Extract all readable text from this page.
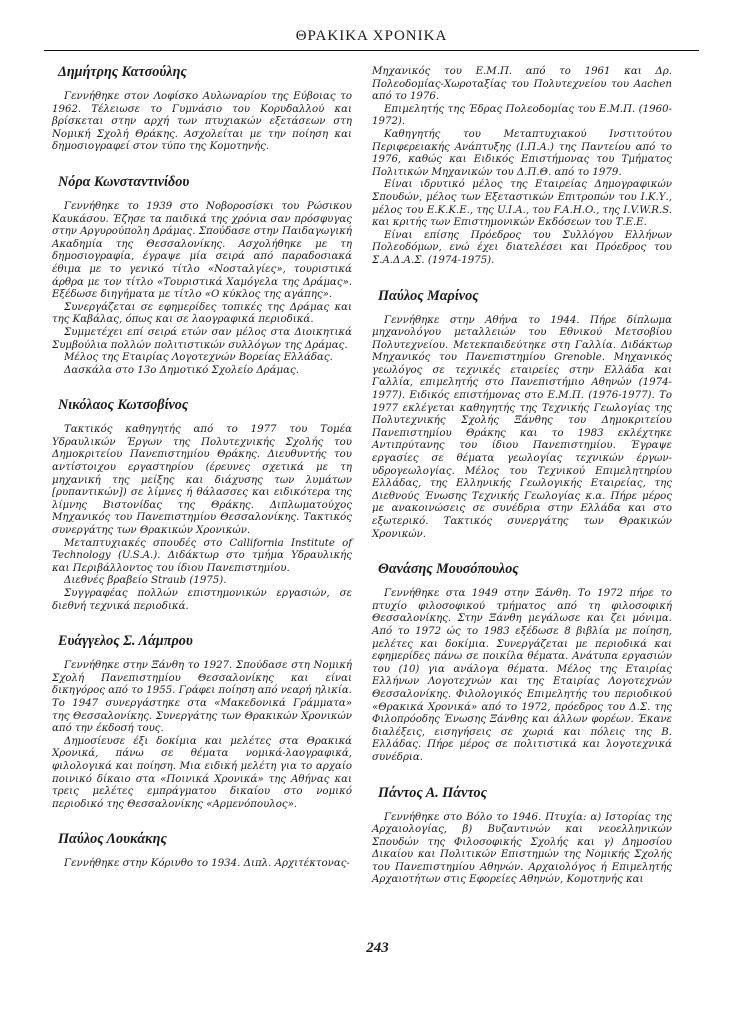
ΘΡΑΚΙΚΑ ΧΡΟΝΙΚΑ
Δημήτρης Κατσούλης

Γεννήθηκε στον Λοφίσκο Αυλωναρίου της Εύβοιας το 1962. Τέλειωσε το Γυμνάσιο του Κορυδαλλού και βρίσκεται στην αρχή των πτυχιακών εξετάσεων στη Νομική Σχολή Θράκης. Ασχολείται με την ποίηση και δημοσιογραφεί στον τύπο της Κομοτηνής.

Νόρα Κωνσταντινίδου

Γεννήθηκε το 1939 στο Νοβοροσίσκι του Ρώσικου Καυκάσου. Έζησε τα παιδικά της χρόνια σαν πρόσφυγας στην Αργυρούπολη Δράμας. Σπούδασε στην Παιδαγωγική Ακαδημία της Θεσσαλονίκης. Ασχολήθηκε με τη δημοσιογραφία, έγραψε μία σειρά από παραδοσιακά έθιμα με το γενικό τίτλο «Νοσταλγίες», τουριστικά άρθρα με τον τίτλο «Τουριστικά Χαμόγελα της Δράμας». Εξέδωσε διηγήματα με τίτλο «Ο κύκλος της αγάπης».

Συνεργάζεται σε εφημερίδες τοπικές της Δράμας και της Καβάλας, όπως και σε λαογραφικά περιοδικά.

Συμμετέχει επί σειρά ετών σαν μέλος στα Διοικητικά Συμβούλια πολλών πολιτιστικών συλλόγων της Δράμας.

Μέλος της Εταιρίας Λογοτεχνών Βορείας Ελλάδας.

Δασκάλα στο 13ο Δημοτικό Σχολείο Δράμας.

Νικόλαος Κωτσοβίνος

Τακτικός καθηγητής από το 1977 του Τομέα Υδραυλικών Έργων της Πολυτεχνικής Σχολής του Δημοκριτείου Πανεπιστημίου Θράκης. Διευθυντής του αντίστοιχου εργαστηρίου (έρευνες σχετικά με τη μηχανική της μείξης και διάχυσης των λυμάτων [ρυπαντικών]) σε λίμνες ή θάλασσες και ειδικότερα της λίμνης Βιστονίδας της Θράκης. Διπλωματούχος Μηχανικός του Πανεπιστημίου Θεσσαλονίκης. Τακτικός συνεργάτης των Θρακικών Χρονικών.

Μεταπτυχιακές σπουδές στο Callifornia Institute of Technology (U.S.A.). Διδάκτωρ στο τμήμα Υδραυλικής και Περιβάλλοντος του ίδιου Πανεπιστημίου.

Διεθνές βραβείο Straub (1975).

Συγγραφέας πολλών επιστημονικών εργασιών, σε διεθνή τεχνικά περιοδικά.

Ευάγγελος Σ. Λάμπρου

Γεννήθηκε στην Ξάνθη το 1927. Σπούδασε στη Νομική Σχολή Πανεπιστημίου Θεσσαλονίκης και είναι δικηγόρος από το 1955. Γράφει ποίηση από νεαρή ηλικία. Το 1947 συνεργάστηκε στα «Μακεδονικά Γράμματα» της Θεσσαλονίκης. Συνεργάτης των Θρακικών Χρονικών από την έκδοσή τους.

Δημοσίευσε έξι δοκίμια και μελέτες στα Θρακικά Χρονικά, πάνω σε θέματα νομικά-λαογραφικά, φιλολογικά και ποίηση. Μια ειδική μελέτη για το αρχαίο ποινικό δίκαιο στα «Ποινικά Χρονικά» της Αθήνας και τρεις μελέτες εμπράγματου δικαίου στο νομικό περιοδικό της Θεσσαλονίκης «Αρμενόπουλος».

Παύλος Λουκάκης

Γεννήθηκε στην Κόρινθο το 1934. Διπλ. Αρχιτέκτονας-

Μηχανικός του Ε.Μ.Π. από το 1961 και Δρ. Πολεοδομίας-Χωροταξίας του Πολυτεχνείου του Aachen από το 1976.

Επιμελητής της Έδρας Πολεοδομίας του Ε.Μ.Π. (1960-1972).

Καθηγητής του Μεταπτυχιακού Ινστιτούτου Περιφερειακής Ανάπτυξης (Ι.Π.Α.) της Παντείου από το 1976, καθώς και Ειδικός Επιστήμονας του Τμήματος Πολιτικών Μηχανικών του Δ.Π.Θ. από το 1979.

Είναι ιδρυτικό μέλος της Εταιρείας Δημογραφικών Σπουδών, μέλος των Εξεταστικών Επιτροπών του Ι.Κ.Υ., μέλος του Ε.Κ.Κ.Ε., της U.I.A., του F.A.H.O., της I.V.W.R.S. και κριτής των Επιστημονικών Εκδόσεων του Τ.Ε.Ε.

Είναι επίσης Πρόεδρος του Συλλόγου Ελλήνων Πολεοδόμων, ενώ έχει διατελέσει και Πρόεδρος του Σ.Α.Δ.Α.Σ. (1974-1975).

Παύλος Μαρίνος

Γεννήθηκε στην Αθήνα το 1944. Πήρε δίπλωμα μηχανολόγου μεταλλειών του Εθνικού Μετσοβίου Πολυτεχνείου. Μετεκπαιδεύτηκε στη Γαλλία. Διδάκτωρ Μηχανικός του Πανεπιστημίου Grenoble. Μηχανικός γεωλόγος σε τεχνικές εταιρείες στην Ελλάδα και Γαλλία, επιμελητής στο Πανεπιστήμιο Αθηνών (1974-1977). Ειδικός επιστήμονας στο Ε.Μ.Π. (1976-1977). Το 1977 εκλέγεται καθηγητής της Τεχνικής Γεωλογίας της Πολυτεχνικής Σχολής Ξάνθης του Δημοκριτείου Πανεπιστημίου Θράκης και το 1983 εκλέχτηκε Αντιπρύτανης του ίδιου Πανεπιστημίου. Έγραψε εργασίες σε θέματα γεωλογίας τεχνικών έργων-υδρογεωλογίας. Μέλος του Τεχνικού Επιμελητηρίου Ελλάδας, της Ελληνικής Γεωλογικής Εταιρείας, της Διεθνούς Ένωσης Τεχνικής Γεωλογίας κ.α. Πήρε μέρος με ανακοινώσεις σε συνέδρια στην Ελλάδα και στο εξωτερικό. Τακτικός συνεργάτης των Θρακικών Χρονικών.

Θανάσης Μουσόπουλος

Γεννήθηκε στα 1949 στην Ξάνθη. Το 1972 πήρε το πτυχίο φιλοσοφικού τμήματος από τη φιλοσοφική Θεσσαλονίκης. Στην Ξάνθη μεγάλωσε και ζει μόνιμα. Από το 1972 ώς το 1983 εξέδωσε 8 βιβλία με ποίηση, μελέτες και δοκίμια. Συνεργάζεται με περιοδικά και εφημερίδες πάνω σε ποικίλα θέματα. Ανάτυπα εργασιών του (10) για ανάλογα θέματα. Μέλος της Εταιρίας Ελλήνων Λογοτεχνών και της Εταιρίας Λογοτεχνών Θεσσαλονίκης. Φιλολογικός Επιμελητής του περιοδικού «Θρακικά Χρονικά» από το 1972, πρόεδρος του Δ.Σ. της Φιλοπρόοδης Ένωσης Ξάνθης και άλλων φορέων. Έκανε διαλέξεις, εισηγήσεις σε χωριά και πόλεις της Β. Ελλάδας. Πήρε μέρος σε πολιτιστικά και λογοτεχνικά συνέδρια.

Πάντος Α. Πάντος

Γεννήθηκε στο Βόλο το 1946. Πτυχία: α) Ιστορίας της Αρχαιολογίας, β) Βυζαντινών και νεοελληνικών Σπουδών της Φιλοσοφικής Σχολής και γ) Δημοσίου Δικαίου και Πολιτικών Επιστημών της Νομικής Σχολής του Πανεπιστημίου Αθηνών. Αρχαιολόγος ή Επιμελητής Αρχαιοτήτων στις Εφορείες Αθηνών, Κομοτηνής και

243
